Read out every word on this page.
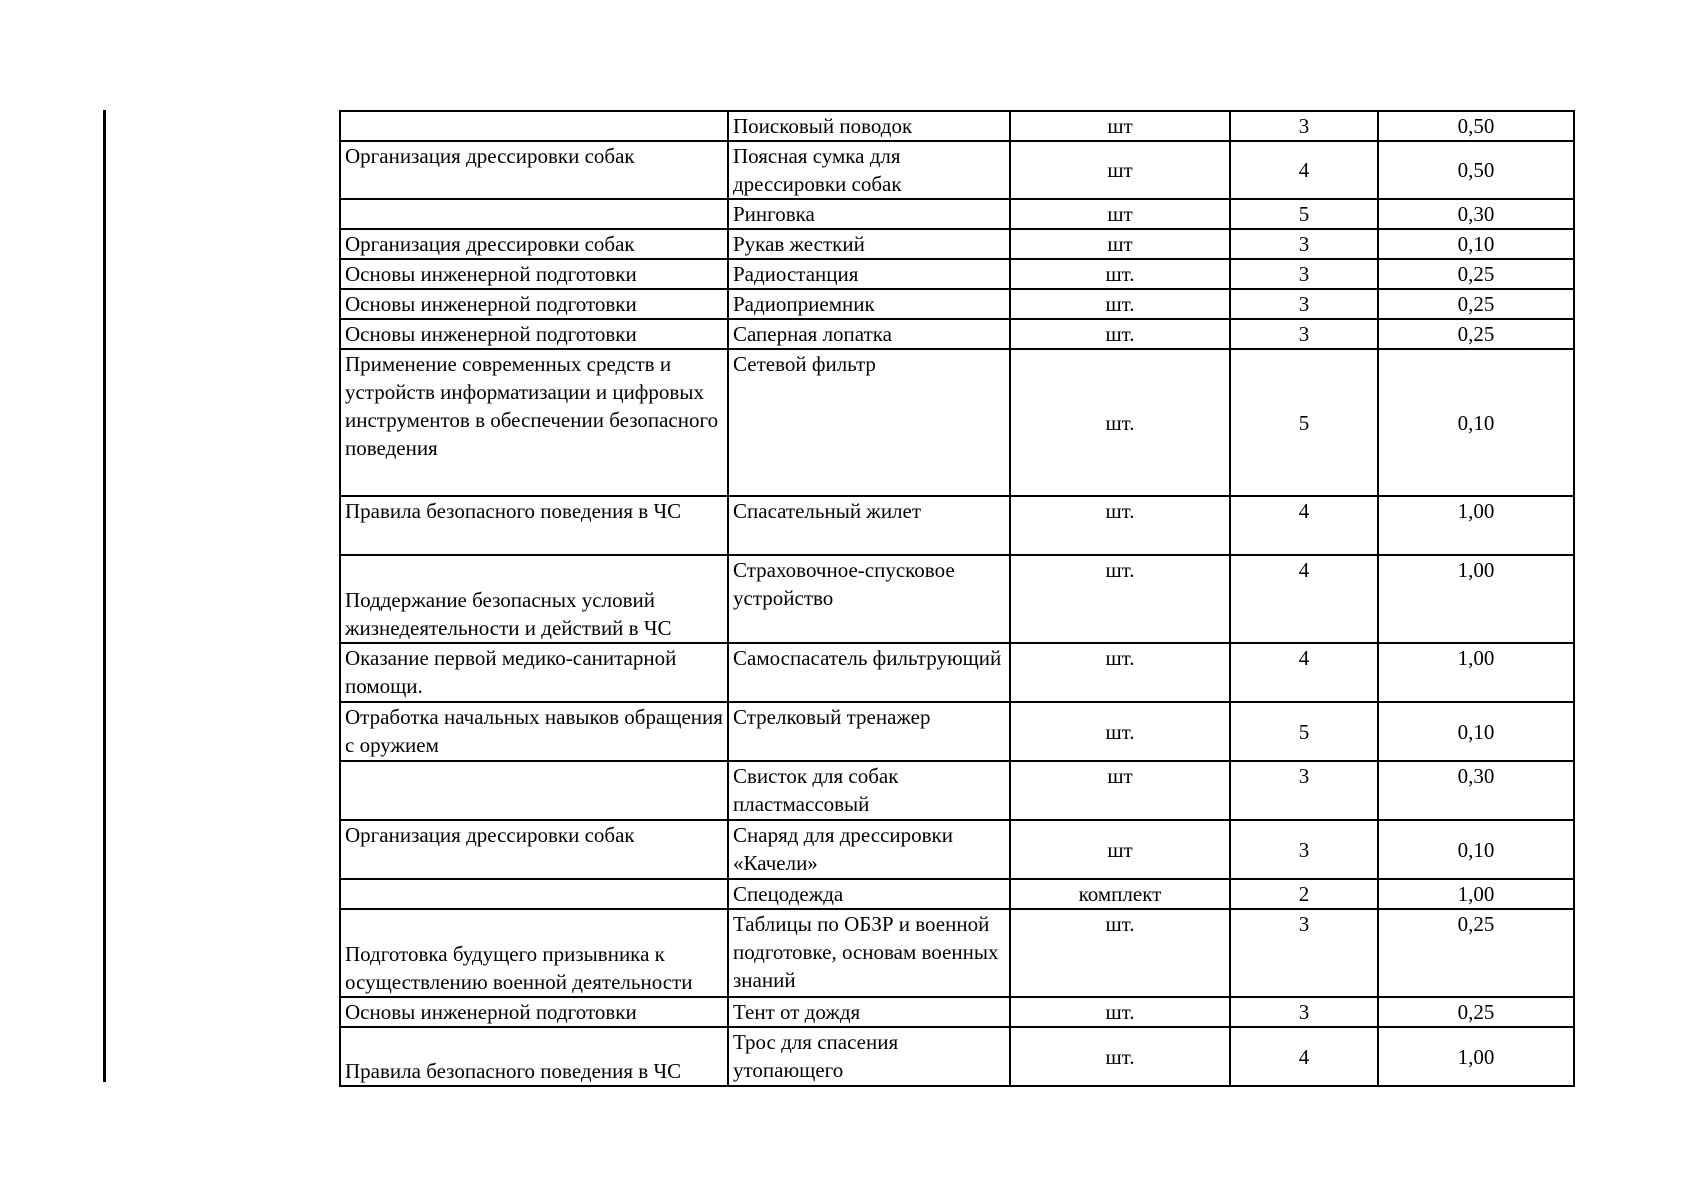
	Поисковый поводок	шт	3	0,50
Организация дрессировки собак	Поясная сумка для дрессировки собак	шт	4	0,50
	Ринговка	шт	5	0,30
Организация дрессировки собак	Рукав жесткий	шт	3	0,10
Основы инженерной подготовки	Радиостанция	шт.	3	0,25
Основы инженерной подготовки	Радиоприемник	шт.	3	0,25
Основы инженерной подготовки	Саперная лопатка	шт.	3	0,25
Применение современных средств и устройств информатизации и цифровых инструментов в обеспечении безопасного поведения	Сетевой фильтр	шт.	5	0,10
Правила безопасного поведения в ЧС	Спасательный жилет	шт.	4	1,00
Поддержание безопасных условий жизнедеятельности и действий в ЧС	Страховочное-спусковое устройство	шт.	4	1,00
Оказание первой медико-санитарной помощи.	Самоспасатель фильтрующий	шт.	4	1,00
Отработка начальных навыков обращения с оружием	Стрелковый тренажер	шт.	5	0,10
	Свисток для собак пластмассовый	шт	3	0,30
Организация дрессировки собак	Снаряд для дрессировки «Качели»	шт	3	0,10
	Спецодежда	комплект	2	1,00
Подготовка будущего призывника к осуществлению военной деятельности	Таблицы по ОБЗР и военной подготовке, основам военных знаний	шт.	3	0,25
Основы инженерной подготовки	Тент от дождя	шт.	3	0,25
Правила безопасного поведения в ЧС	Трос для спасения утопающего	шт.	4	1,00
